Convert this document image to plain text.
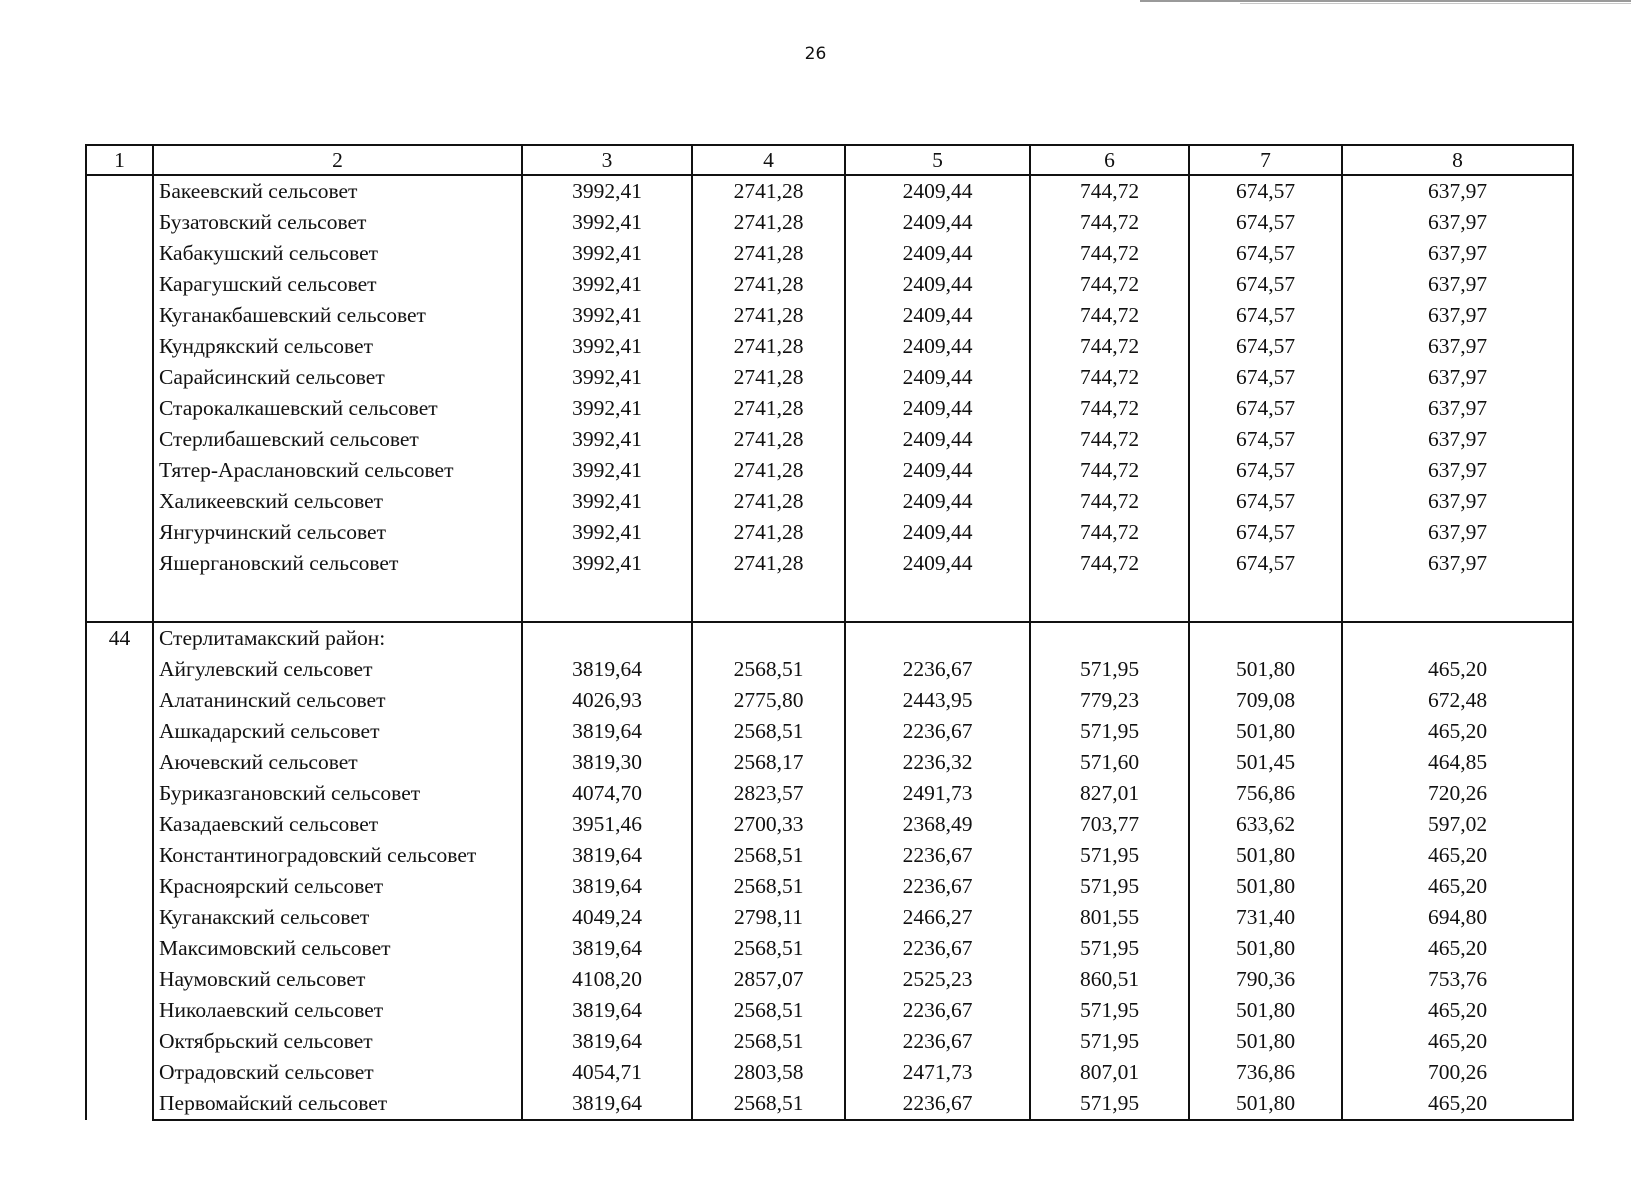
26
1	2	3	4	5	6	7	8
	Бакеевский сельсовет	3992,41	2741,28	2409,44	744,72	674,57	637,97
	Бузатовский сельсовет	3992,41	2741,28	2409,44	744,72	674,57	637,97
	Кабакушский сельсовет	3992,41	2741,28	2409,44	744,72	674,57	637,97
	Карагушский сельсовет	3992,41	2741,28	2409,44	744,72	674,57	637,97
	Куганакбашевский сельсовет	3992,41	2741,28	2409,44	744,72	674,57	637,97
	Кундрякский сельсовет	3992,41	2741,28	2409,44	744,72	674,57	637,97
	Сарайсинский сельсовет	3992,41	2741,28	2409,44	744,72	674,57	637,97
	Старокалкашевский сельсовет	3992,41	2741,28	2409,44	744,72	674,57	637,97
	Стерлибашевский сельсовет	3992,41	2741,28	2409,44	744,72	674,57	637,97
	Тятер-Араслановский сельсовет	3992,41	2741,28	2409,44	744,72	674,57	637,97
	Халикеевский сельсовет	3992,41	2741,28	2409,44	744,72	674,57	637,97
	Янгурчинский сельсовет	3992,41	2741,28	2409,44	744,72	674,57	637,97
	Яшергановский сельсовет	3992,41	2741,28	2409,44	744,72	674,57	637,97

44	Стерлитамакский район:						
	Айгулевский сельсовет	3819,64	2568,51	2236,67	571,95	501,80	465,20
	Алатанинский сельсовет	4026,93	2775,80	2443,95	779,23	709,08	672,48
	Ашкадарский сельсовет	3819,64	2568,51	2236,67	571,95	501,80	465,20
	Аючевский сельсовет	3819,30	2568,17	2236,32	571,60	501,45	464,85
	Буриказгановский сельсовет	4074,70	2823,57	2491,73	827,01	756,86	720,26
	Казадаевский сельсовет	3951,46	2700,33	2368,49	703,77	633,62	597,02
	Константиноградовский сельсовет	3819,64	2568,51	2236,67	571,95	501,80	465,20
	Красноярский сельсовет	3819,64	2568,51	2236,67	571,95	501,80	465,20
	Куганакский сельсовет	4049,24	2798,11	2466,27	801,55	731,40	694,80
	Максимовский сельсовет	3819,64	2568,51	2236,67	571,95	501,80	465,20
	Наумовский сельсовет	4108,20	2857,07	2525,23	860,51	790,36	753,76
	Николаевский сельсовет	3819,64	2568,51	2236,67	571,95	501,80	465,20
	Октябрьский сельсовет	3819,64	2568,51	2236,67	571,95	501,80	465,20
	Отрадовский сельсовет	4054,71	2803,58	2471,73	807,01	736,86	700,26
	Первомайский сельсовет	3819,64	2568,51	2236,67	571,95	501,80	465,20
